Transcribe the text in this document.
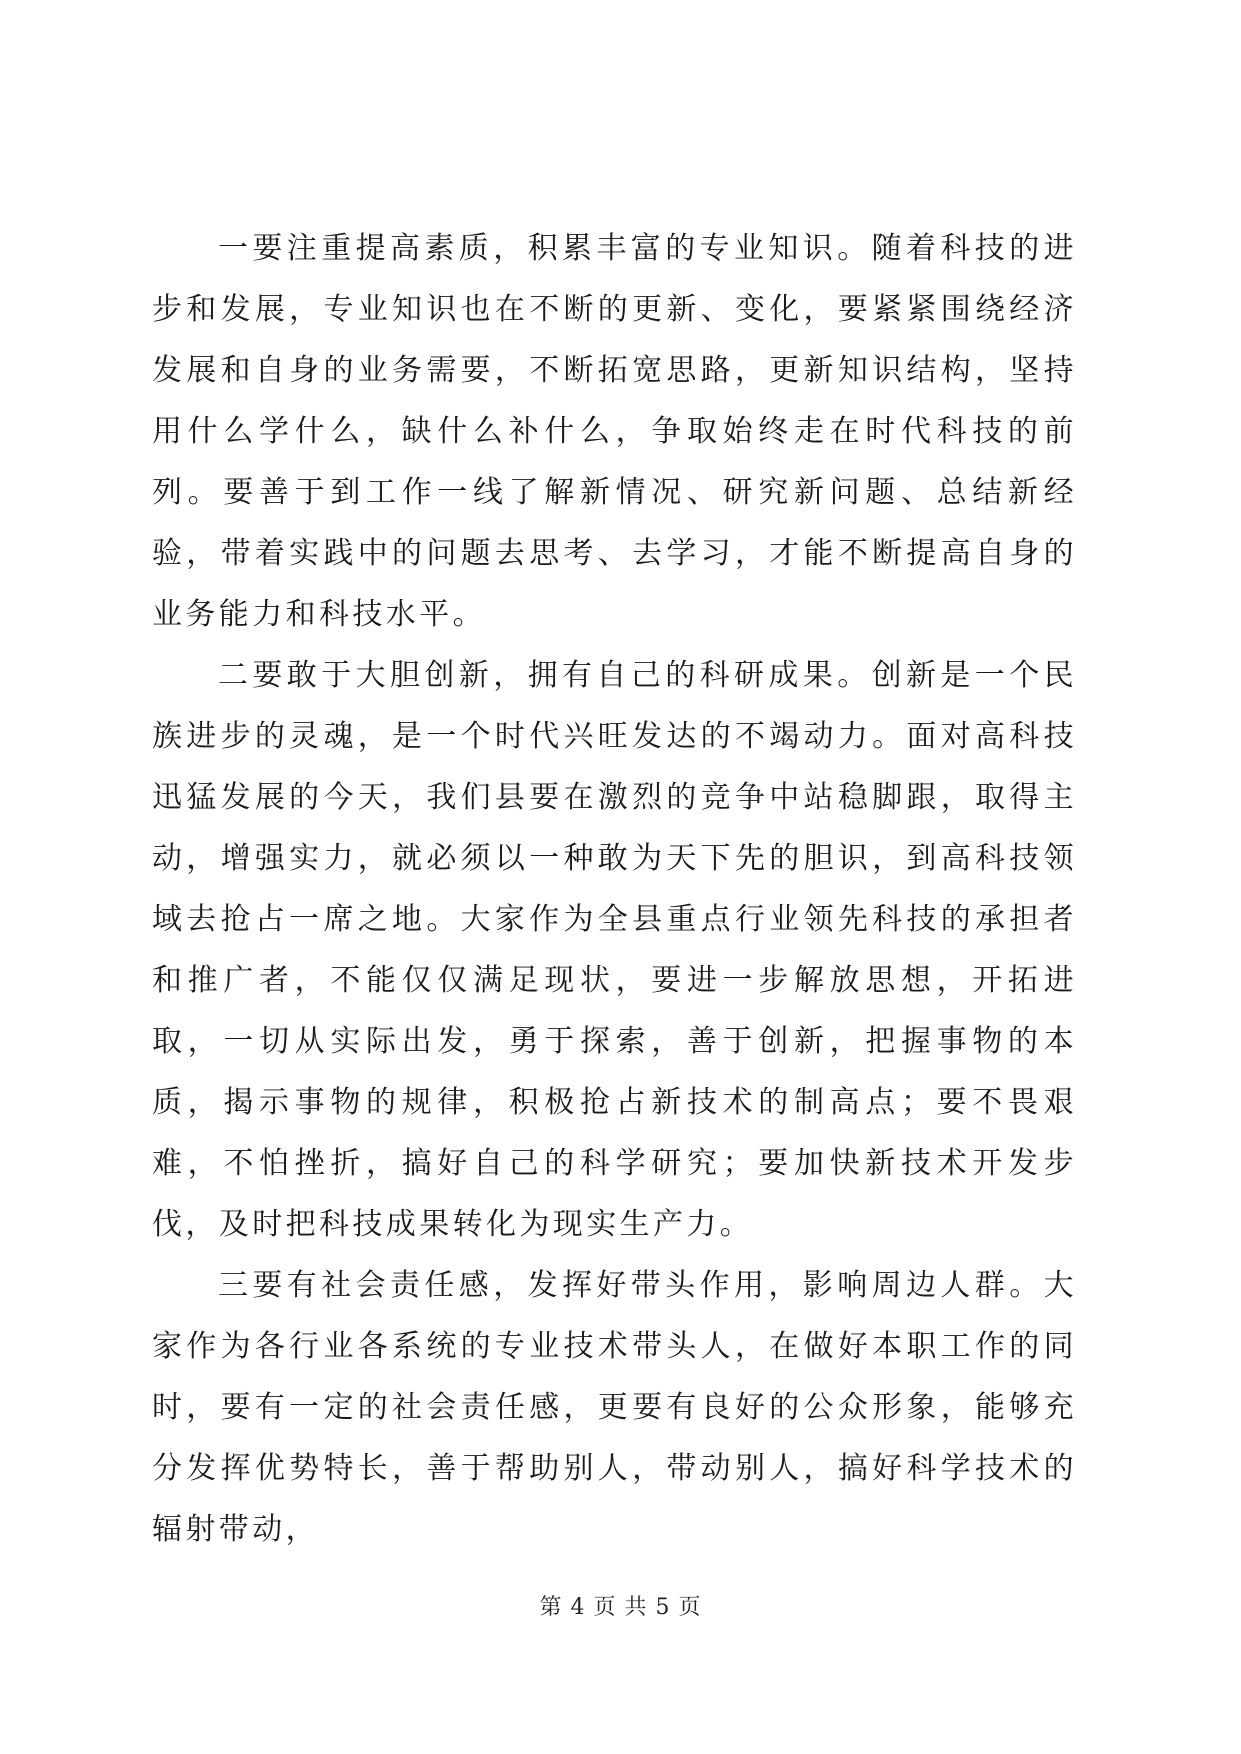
一要注重提高素质，积累丰富的专业知识。随着科技的进步和发展，专业知识也在不断的更新、变化，要紧紧围绕经济发展和自身的业务需要，不断拓宽思路，更新知识结构，坚持用什么学什么，缺什么补什么，争取始终走在时代科技的前列。要善于到工作一线了解新情况、研究新问题、总结新经验，带着实践中的问题去思考、去学习，才能不断提高自身的业务能力和科技水平。

二要敢于大胆创新，拥有自己的科研成果。创新是一个民族进步的灵魂，是一个时代兴旺发达的不竭动力。面对高科技迅猛发展的今天，我们县要在激烈的竞争中站稳脚跟，取得主动，增强实力，就必须以一种敢为天下先的胆识，到高科技领域去抢占一席之地。大家作为全县重点行业领先科技的承担者和推广者，不能仅仅满足现状，要进一步解放思想，开拓进取，一切从实际出发，勇于探索，善于创新，把握事物的本质，揭示事物的规律，积极抢占新技术的制高点；要不畏艰难，不怕挫折，搞好自己的科学研究；要加快新技术开发步伐，及时把科技成果转化为现实生产力。

三要有社会责任感，发挥好带头作用，影响周边人群。大家作为各行业各系统的专业技术带头人，在做好本职工作的同时，要有一定的社会责任感，更要有良好的公众形象，能够充分发挥优势特长，善于帮助别人，带动别人，搞好科学技术的辐射带动，

第 4 页 共 5 页
